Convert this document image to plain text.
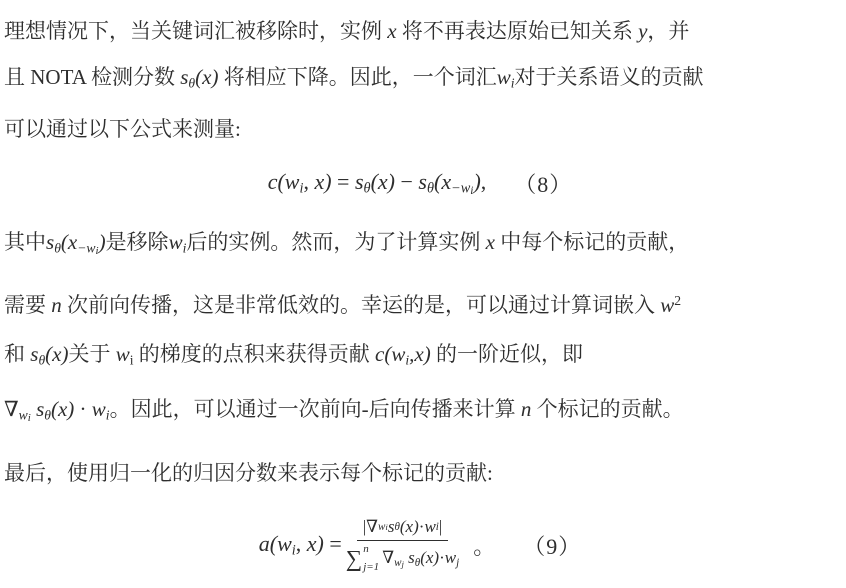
理想情况下，当关键词汇被移除时，实例 x 将不再表达原始已知关系 y，并
且 NOTA 检测分数 sθ(x) 将相应下降。因此，一个词汇wi对于关系语义的贡献
可以通过以下公式来测量:
c(wi, $x) = s\theta(x) - s\theta(x-w_i)$, （8）
其中$s\theta(x-w_i)$是移除wi后的实例。然而，为了计算实例 x 中每个标记的贡献，
需要 n 次前向传播，这是非常低效的。幸运的是，可以通过计算词嵌入 $w^2$
和 sθ(x)关于 wi 的梯度的点积来获得贡献 c(wi,x) 的一阶近似，即
$\nabla w_i$ sθ(x) · wi。因此，可以通过一次前向-后向传播来计算 n 个标记的贡献。
最后，使用归一化的归因分数来表示每个标记的贡献:
a(wi, x) =
| ∇ w i s θ ( x ) · w i |
∑ n
j=1 $\nabla w_j$ sθ(x)·wj
。 （9）
